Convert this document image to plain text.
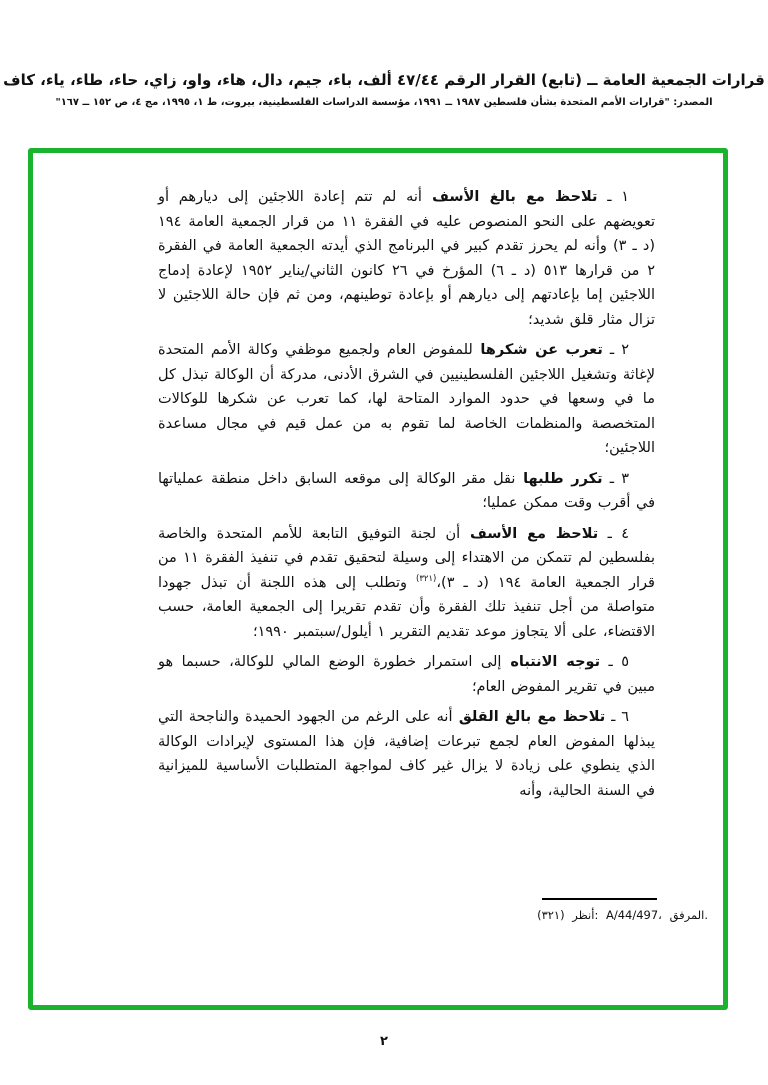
قرارات الجمعية العامة ــ (تابع) القرار الرقم ٤٧/٤٤ ألف، باء، جيم، دال، هاء، واو، زاي، حاء، طاء، ياء، كاف
المصدر: "قرارات الأمم المتحدة بشأن فلسطين ١٩٨٧ ــ ١٩٩١، مؤسسة الدراسات الفلسطينية، بيروت، ط ١، ١٩٩٥، مج ٤، ص ١٥٢ ــ ١٦٧"

١ ـ تلاحظ مع بالغ الأسف أنه لم تتم إعادة اللاجئين إلى ديارهم أو تعويضهم على النحو المنصوص عليه في الفقرة ١١ من قرار الجمعية العامة ١٩٤ (د ـ ٣) وأنه لم يحرز تقدم كبير في البرنامج الذي أيدته الجمعية العامة في الفقرة ٢ من قرارها ٥١٣ (د ـ ٦) المؤرخ في ٢٦ كانون الثاني/يناير ١٩٥٢ لإعادة إدماج اللاجئين إما بإعادتهم إلى ديارهم أو بإعادة توطينهم، ومن ثم فإن حالة اللاجئين لا تزال مثار قلق شديد؛

٢ ـ تعرب عن شكرها للمفوض العام ولجميع موظفي وكالة الأمم المتحدة لإغاثة وتشغيل اللاجئين الفلسطينيين في الشرق الأدنى، مدركة أن الوكالة تبذل كل ما في وسعها في حدود الموارد المتاحة لها، كما تعرب عن شكرها للوكالات المتخصصة والمنظمات الخاصة لما تقوم به من عمل قيم في مجال مساعدة اللاجئين؛

٣ ـ تكرر طلبها نقل مقر الوكالة إلى موقعه السابق داخل منطقة عملياتها في أقرب وقت ممكن عمليا؛

٤ ـ تلاحظ مع الأسف أن لجنة التوفيق التابعة للأمم المتحدة والخاصة بفلسطين لم تتمكن من الاهتداء إلى وسيلة لتحقيق تقدم في تنفيذ الفقرة ١١ من قرار الجمعية العامة ١٩٤ (د ـ ٣)،$^{(٣٢١)}$ وتطلب إلى هذه اللجنة أن تبذل جهودا متواصلة من أجل تنفيذ تلك الفقرة وأن تقدم تقريرا إلى الجمعية العامة، حسب الاقتضاء، على ألا يتجاوز موعد تقديم التقرير ١ أيلول/سبتمبر ١٩٩٠؛

٥ ـ توجه الانتباه إلى استمرار خطورة الوضع المالي للوكالة، حسبما هو مبين في تقرير المفوض العام؛

٦ ـ تلاحظ مع بالغ القلق أنه على الرغم من الجهود الحميدة والناجحة التي يبذلها المفوض العام لجمع تبرعات إضافية، فإن هذا المستوى لإيرادات الوكالة الذي ينطوي على زيادة لا يزال غير كاف لمواجهة المتطلبات الأساسية للميزانية في السنة الحالية، وأنه

(٣٢١) أنظر: A/44/497، المرفق.
٢
